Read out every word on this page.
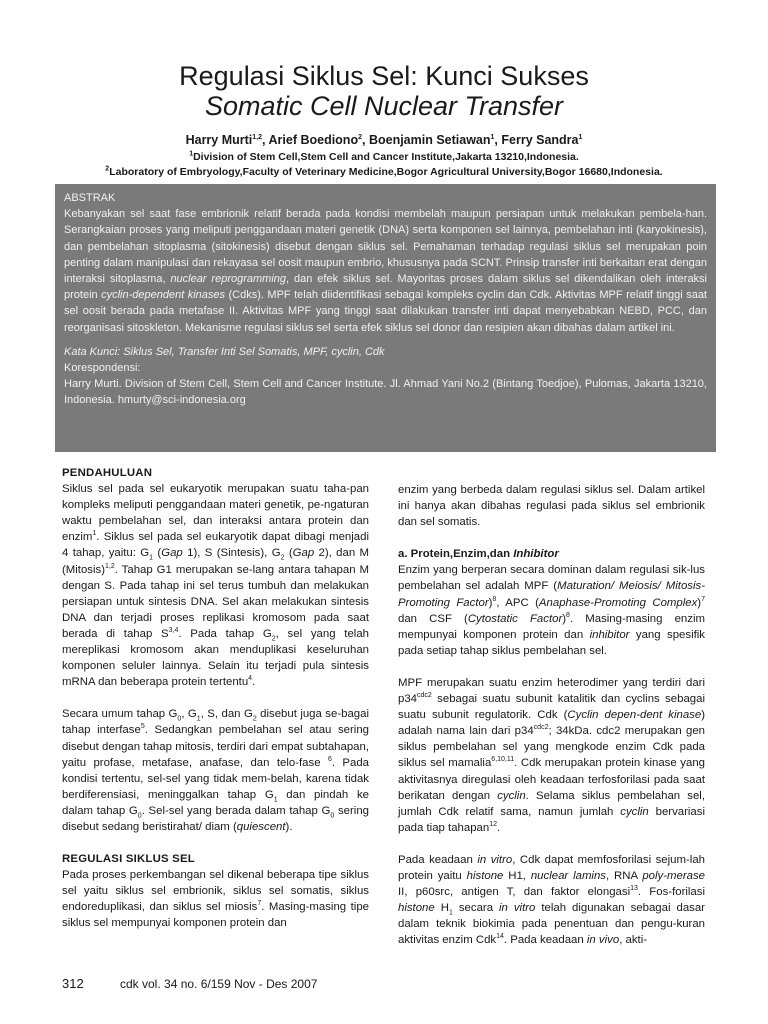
Regulasi Siklus Sel: Kunci Sukses
Somatic Cell Nuclear Transfer
Harry Murti$^{1,2}$, Arief Boediono$^2$, Boenjamin Setiawan$^1$, Ferry Sandra$^1$
$^1$Division of Stem Cell,Stem Cell and Cancer Institute,Jakarta 13210,Indonesia.
$^2$Laboratory of Embryology,Faculty of Veterinary Medicine,Bogor Agricultural University,Bogor 16680,Indonesia.

ABSTRAK

Kebanyakan sel saat fase embrionik relatif berada pada kondisi membelah maupun persiapan untuk melakukan pembela-han. Serangkaian proses yang meliputi penggandaan materi genetik (DNA) serta komponen sel lainnya, pembelahan inti (karyokinesis), dan pembelahan sitoplasma (sitokinesis) disebut dengan siklus sel. Pemahaman terhadap regulasi siklus sel merupakan poin penting dalam manipulasi dan rekayasa sel oosit maupun embrio, khususnya pada SCNT. Prinsip transfer inti berkaitan erat dengan interaksi sitoplasma, nuclear reprogramming, dan efek siklus sel. Mayoritas proses dalam siklus sel dikendalikan oleh interaksi protein cyclin-dependent kinases (Cdks). MPF telah diidentifikasi sebagai kompleks cyclin dan Cdk. Aktivitas MPF relatif tinggi saat sel oosit berada pada metafase II. Aktivitas MPF yang tinggi saat dilakukan transfer inti dapat menyebabkan NEBD, PCC, dan reorganisasi sitoskleton. Mekanisme regulasi siklus sel serta efek siklus sel donor dan resipien akan dibahas dalam artikel ini.

Kata Kunci: Siklus Sel, Transfer Inti Sel Somatis, MPF, cyclin, Cdk

Korespondensi:

Harry Murti. Division of Stem Cell, Stem Cell and Cancer Institute. Jl. Ahmad Yani No.2 (Bintang Toedjoe), Pulomas, Jakarta 13210, Indonesia. hmurty@sci-indonesia.org

PENDAHULUAN

Siklus sel pada sel eukaryotik merupakan suatu taha-pan kompleks meliputi penggandaan materi genetik, pe-ngaturan waktu pembelahan sel, dan interaksi antara protein dan enzim$^1$. Siklus sel pada sel eukaryotik dapat dibagi menjadi 4 tahap, yaitu: $G_1$ (Gap 1), S (Sintesis), $G_2$ (Gap 2), dan M (Mitosis)$^{1,2}$. Tahap G1 merupakan se-lang antara tahapan M dengan S. Pada tahap ini sel terus tumbuh dan melakukan persiapan untuk sintesis DNA. Sel akan melakukan sintesis DNA dan terjadi proses replikasi kromosom pada saat berada di tahap S$^{3,4}$. Pada tahap $G_2$, sel yang telah mereplikasi kromosom akan menduplikasi keseluruhan komponen seluler lainnya. Selain itu terjadi pula sintesis mRNA dan beberapa protein tertentu$^4$.

Secara umum tahap $G_0$, $G_1$, S, dan $G_2$ disebut juga se-bagai tahap interfase$^5$. Sedangkan pembelahan sel atau sering disebut dengan tahap mitosis, terdiri dari empat subtahapan, yaitu profase, metafase, anafase, dan telo-fase $^6$. Pada kondisi tertentu, sel-sel yang tidak mem-belah, karena tidak berdiferensiasi, meninggalkan tahap $G_1$ dan pindah ke dalam tahap $G_0$. Sel-sel yang berada dalam tahap $G_0$ sering disebut sedang beristirahat/ diam (quiescent).

REGULASI SIKLUS SEL

Pada proses perkembangan sel dikenal beberapa tipe siklus sel yaitu siklus sel embrionik, siklus sel somatis, siklus endoreduplikasi, dan siklus sel miosis$^7$. Masing-masing tipe siklus sel mempunyai komponen protein dan

enzim yang berbeda dalam regulasi siklus sel. Dalam artikel ini hanya akan dibahas regulasi pada siklus sel embrionik dan sel somatis.

a. Protein,Enzim,dan Inhibitor

Enzim yang berperan secara dominan dalam regulasi sik-lus pembelahan sel adalah MPF (Maturation/ Meiosis/ Mitosis-Promoting Factor)$^8$, APC (Anaphase-Promoting Complex)$^7$ dan CSF (Cytostatic Factor)$^8$. Masing-masing enzim mempunyai komponen protein dan inhibitor yang spesifik pada setiap tahap siklus pembelahan sel.

MPF merupakan suatu enzim heterodimer yang terdiri dari $p34^{cdc2}$ sebagai suatu subunit katalitik dan cyclins sebagai suatu subunit regulatorik. Cdk (Cyclin depen-dent kinase) adalah nama lain dari $p34^{cdc2}$; 34kDa. cdc2 merupakan gen siklus pembelahan sel yang mengkode enzim Cdk pada siklus sel mamalia$^{6,10,11}$. Cdk merupakan protein kinase yang aktivitasnya diregulasi oleh keadaan terfosforilasi pada saat berikatan dengan cyclin. Selama siklus pembelahan sel, jumlah Cdk relatif sama, namun jumlah cyclin bervariasi pada tiap tahapan$^{12}$.

Pada keadaan in vitro, Cdk dapat memfosforilasi sejum-lah protein yaitu histone H1, nuclear lamins, RNA poly-merase II, p60src, antigen T, dan faktor elongasi$^{13}$. Fos-forilasi histone $H_1$ secara in vitro telah digunakan sebagai dasar dalam teknik biokimia pada penentuan dan pengu-kuran aktivitas enzim Cdk$^{14}$. Pada keadaan in vivo, akti-

312	cdk vol. 34 no. 6/159 Nov - Des 2007
